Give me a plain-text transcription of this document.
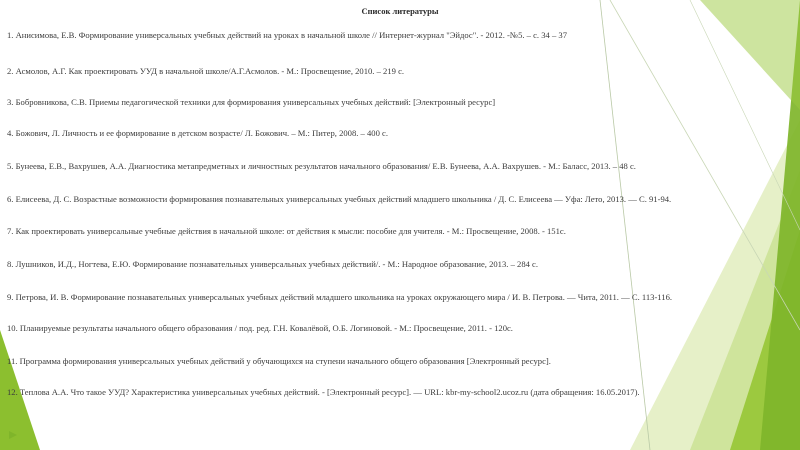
Список литературы

1. Анисимова, Е.В. Формирование универсальных учебных действий на уроках в начальной школе // Интернет-журнал "Эйдос". - 2012. -№5. – с. 34 – 37

2. Асмолов, А.Г. Как проектировать УУД в начальной школе/А.Г.Асмолов. - М.: Просвещение, 2010. – 219 с.

3. Бобровникова, С.В. Приемы педагогической техники для формирования универсальных учебных действий: [Электронный ресурс]

4. Божович, Л. Личность и ее формирование в детском возрасте/ Л. Божович. – М.: Питер, 2008. – 400 с.

5. Бунеева, Е.В., Вахрушев, А.А. Диагностика метапредметных и личностных результатов начального образования/ Е.В. Бунеева, А.А. Вахрушев. - М.: Баласс, 2013. – 48 с.

6. Елисеева, Д. С. Возрастные возможности формирования познавательных универсальных учебных действий младшего школьника / Д. С. Елисеева — Уфа: Лето, 2013. — С. 91-94.

7. Как проектировать универсальные учебные действия в начальной школе: от действия к мысли: пособие для учителя. - М.: Просвещение, 2008. - 151с.

8. Лушников, И.Д., Ногтева, Е.Ю. Формирование познавательных универсальных учебных действий/. - М.: Народное образование, 2013. – 284 с.

9. Петрова, И. В. Формирование познавательных универсальных учебных действий младшего школьника на уроках окружающего мира / И. В. Петрова. — Чита, 2011. — С. 113-116.

10. Планируемые результаты начального общего образования / под. ред. Г.Н. Ковалёвой, О.Б. Логиновой. - М.: Просвещение, 2011. - 120с.

11. Программа формирования универсальных учебных действий у обучающихся на ступени начального общего образования [Электронный ресурс].

12. Теплова А.А. Что такое УУД? Характеристика универсальных учебных действий. - [Электронный ресурс]. — URL: kbr-my-school2.ucoz.ru (дата обращения: 16.05.2017).
